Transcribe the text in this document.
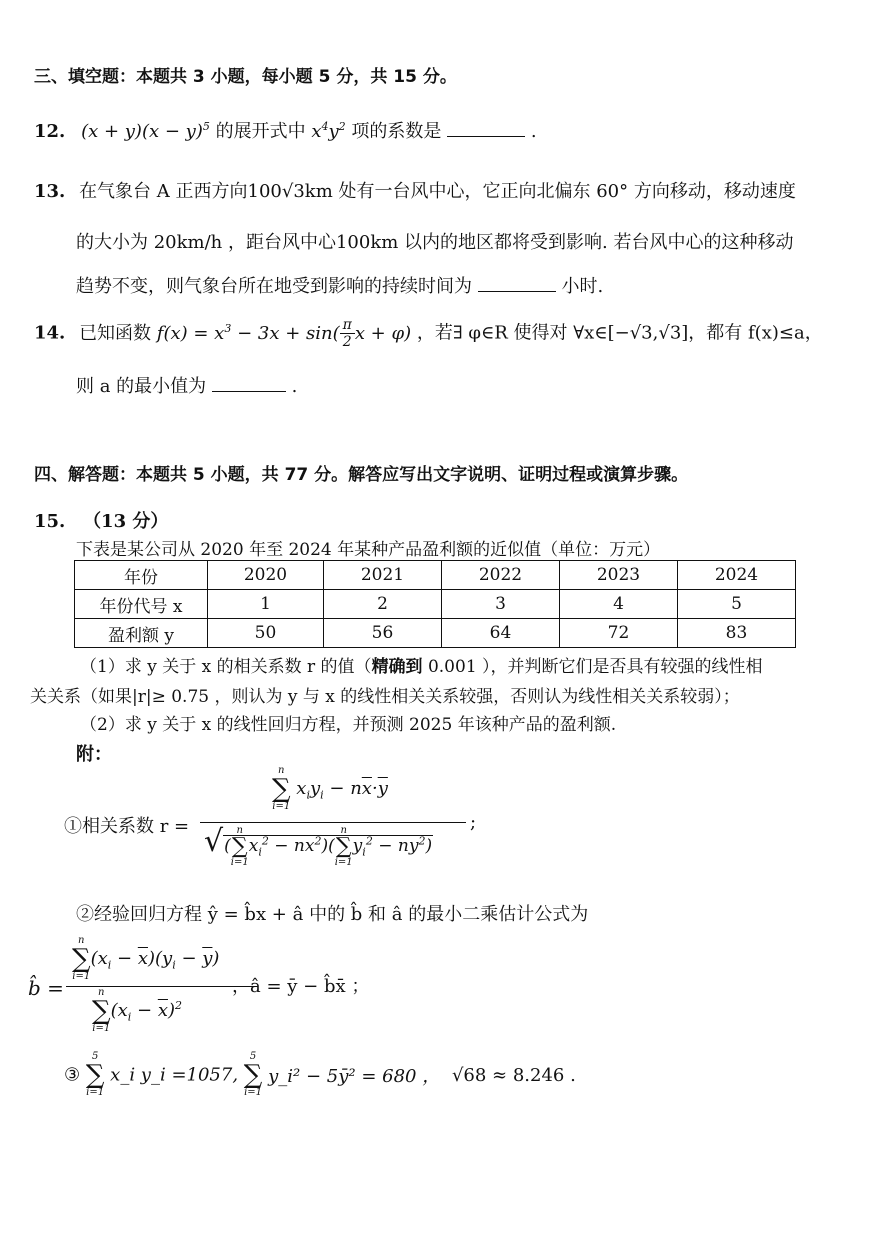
三、填空题：本题共 3 小题，每小题 5 分，共 15 分。
12. $(x + y)(x - y)^5$ 的展开式中 $x^4y^2$ 项的系数是	.
13. 在气象台 A 正西方向100√3km 处有一台风中心，它正向北偏东 60° 方向移动，移动速度
的大小为 20km/h ，距台风中心100km 以内的地区都将受到影响. 若台风中心的这种移动
趋势不变，则气象台所在地受到影响的持续时间为	小时.
14. 已知函数 $f(x) = x^3 - 3x + \sin( \frac{\pi}{2}$ x + φ) ，若∃ φ∈R 使得对 ∀x∈[−√3,√3]，都有 f(x)≤a，
则 a 的最小值为	.
四、解答题：本题共 5 小题，共 77 分。解答应写出文字说明、证明过程或演算步骤。
15. （13 分）
下表是某公司从 2020 年至 2024 年某种产品盈利额的近似值（单位：万元）
年份	2020	2021	2022	2023	2024
年份代号 x	1	2	3	4	5
盈利额 y	50	56	64	72	83
（1）求 y 关于 x 的相关系数 r 的值（精确到 0.001 ），并判断它们是否具有较强的线性相
关关系（如果|r|≥ 0.75 ，则认为 y 与 x 的线性相关关系较强，否则认为线性相关关系较弱）；
（2）求 y 关于 x 的线性回归方程，并预测 2025 年该种产品的盈利额.
附：
①相关系数 r =
n
∑
i=1
$x_iy_i - n\overline{x}\cdot\overline{y}$
√(
n
∑
i=1
$x_i^2 - n\overline{x}^2$)(
n
∑
i=1
$y_i^2 - n\overline{y}^2$)
;
②经验回归方程 ŷ = b̂x + â 中的 b̂ 和 â 的最小二乘估计公式为
b̂ =
n
∑
i=1
$(x_i - \overline{x})(y_i - \overline{y})$
n
∑
i=1
$(x_i - \overline{x})^2$
，â = ȳ − b̂x̄ ；
③
5
∑
i=1
x_i y_i =1057,
5
∑
i=1
y_i² − 5ȳ² = 680 ， √68 ≈ 8.246 .
